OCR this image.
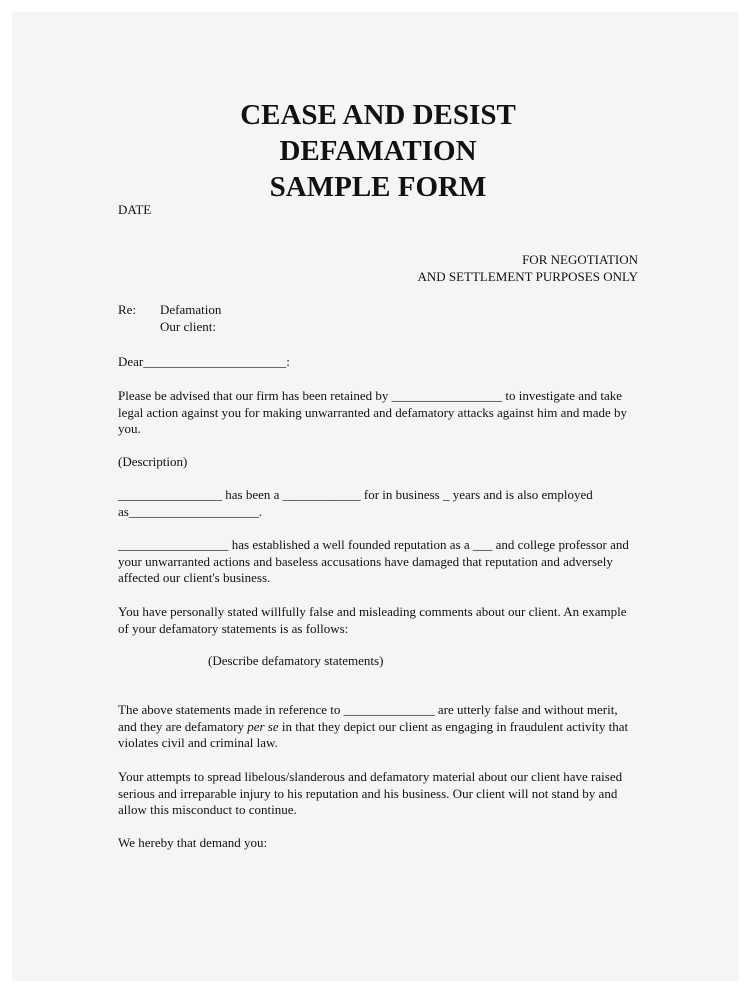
CEASE AND DESIST
DEFAMATION
SAMPLE FORM
DATE
FOR NEGOTIATION
AND SETTLEMENT PURPOSES ONLY
Re: Defamation
Our client:

Dear______________________:

Please be advised that our firm has been retained by _________________ to investigate and take legal action against you for making unwarranted and defamatory attacks against him and made by you.

(Description)

________________ has been a ____________ for in business _ years and is also employed as____________________.

_________________ has established a well founded reputation as a ___ and college professor and your unwarranted actions and baseless accusations have damaged that reputation and adversely affected our client's business.

You have personally stated willfully false and misleading comments about our client. An example of your defamatory statements is as follows:

(Describe defamatory statements)

The above statements made in reference to ______________ are utterly false and without merit, and they are defamatory per se in that they depict our client as engaging in fraudulent activity that violates civil and criminal law.

Your attempts to spread libelous/slanderous and defamatory material about our client have raised serious and irreparable injury to his reputation and his business. Our client will not stand by and allow this misconduct to continue.

We hereby that demand you:
